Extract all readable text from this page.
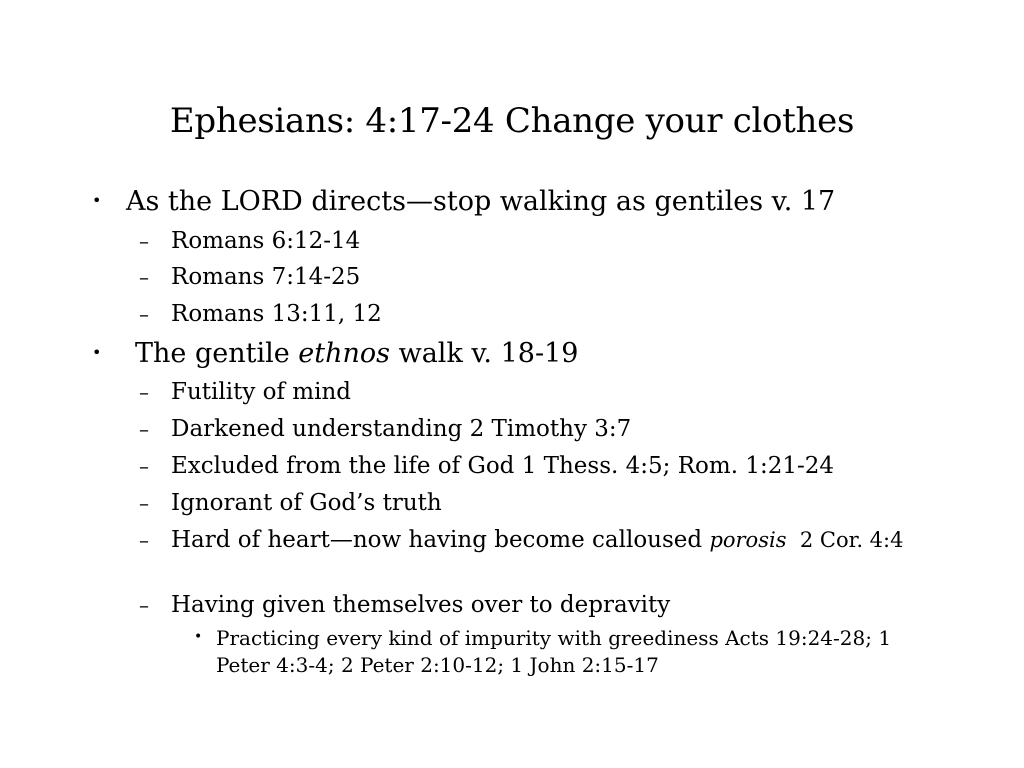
Ephesians: 4:17-24 Change your clothes
• As the LORD directs—stop walking as gentiles v. 17
– Romans 6:12-14
– Romans 7:14-25
– Romans 13:11, 12
• The gentile ethnos walk v. 18-19
– Futility of mind
– Darkened understanding 2 Timothy 3:7
– Excluded from the life of God 1 Thess. 4:5; Rom. 1:21-24
– Ignorant of God’s truth
– Hard of heart—now having become calloused porosis  2 Cor. 4:4
– Having given themselves over to depravity
• Practicing every kind of impurity with greediness Acts 19:24-28; 1 Peter 4:3-4; 2 Peter 2:10-12; 1 John 2:15-17
